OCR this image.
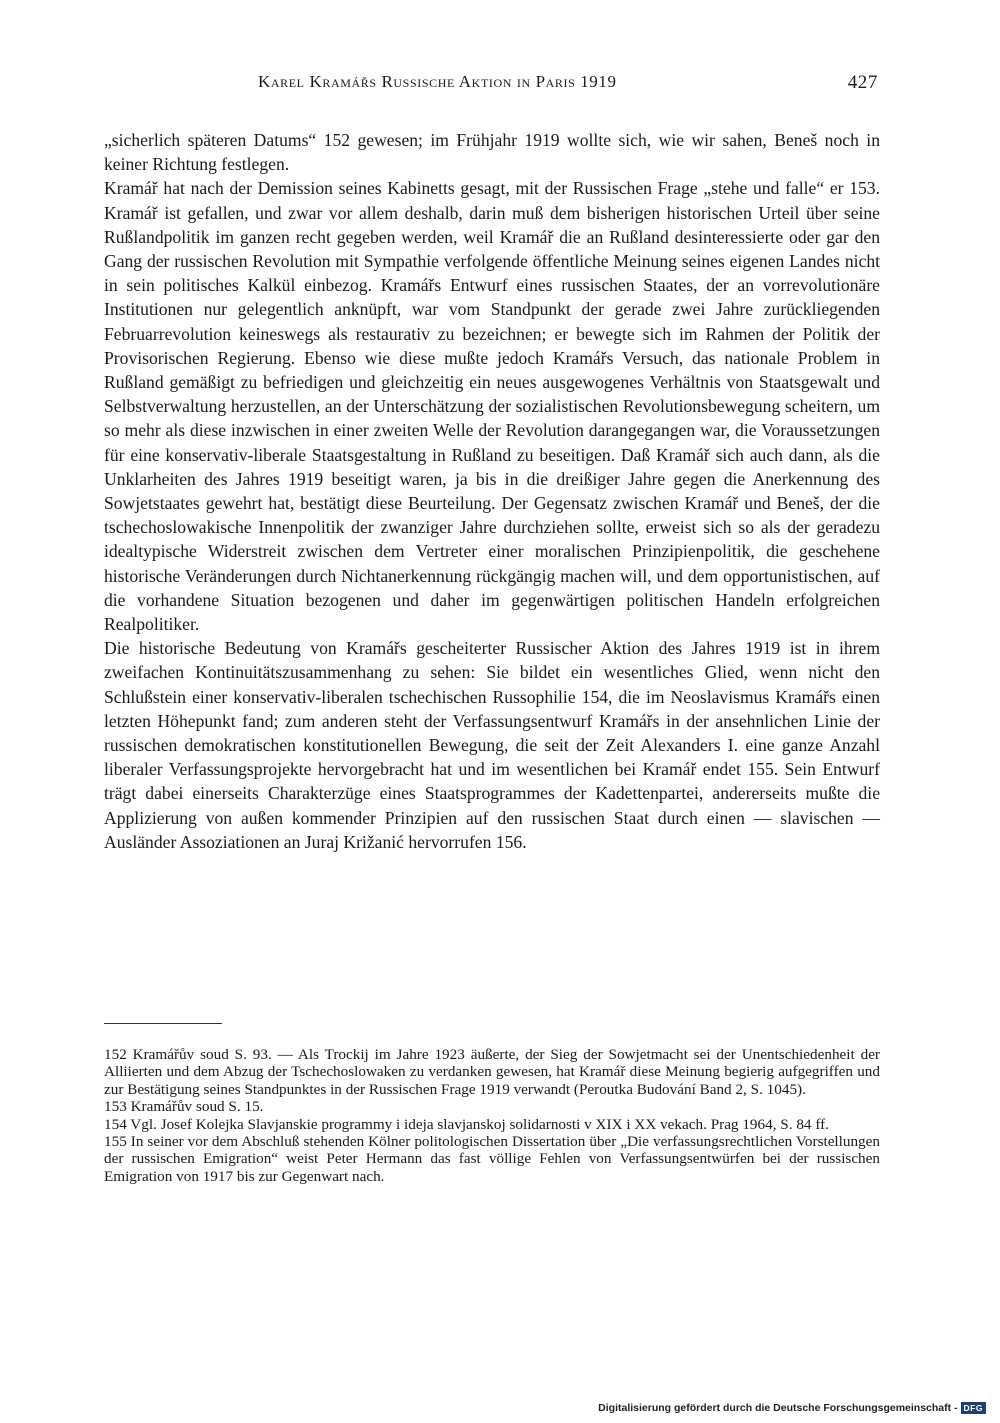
Karel Kramářs Russische Aktion in Paris 1919	427

„sicherlich späteren Datums“ 152 gewesen; im Frühjahr 1919 wollte sich, wie wir sahen, Beneš noch in keiner Richtung festlegen.

Kramář hat nach der Demission seines Kabinetts gesagt, mit der Russischen Frage „stehe und falle“ er 153. Kramář ist gefallen, und zwar vor allem deshalb, darin muß dem bisherigen historischen Urteil über seine Rußlandpolitik im ganzen recht gegeben werden, weil Kramář die an Rußland desinteressierte oder gar den Gang der russischen Revolution mit Sympathie verfolgende öffentliche Meinung seines eigenen Landes nicht in sein politisches Kalkül einbezog. Kramářs Entwurf eines russischen Staates, der an vorrevolutionäre Institutionen nur gelegentlich anknüpft, war vom Standpunkt der gerade zwei Jahre zurückliegenden Februarrevolution keineswegs als restaurativ zu bezeichnen; er bewegte sich im Rahmen der Politik der Provisorischen Regierung. Ebenso wie diese mußte jedoch Kramářs Versuch, das nationale Problem in Rußland gemäßigt zu befriedigen und gleichzeitig ein neues ausgewogenes Verhältnis von Staatsgewalt und Selbstverwaltung herzustellen, an der Unterschätzung der sozialistischen Revolutionsbewegung scheitern, um so mehr als diese inzwischen in einer zweiten Welle der Revolution darangegangen war, die Voraussetzungen für eine konservativ-liberale Staatsgestaltung in Rußland zu beseitigen. Daß Kramář sich auch dann, als die Unklarheiten des Jahres 1919 beseitigt waren, ja bis in die dreißiger Jahre gegen die Anerkennung des Sowjetstaates gewehrt hat, bestätigt diese Beurteilung. Der Gegensatz zwischen Kramář und Beneš, der die tschechoslowakische Innenpolitik der zwanziger Jahre durchziehen sollte, erweist sich so als der geradezu idealtypische Widerstreit zwischen dem Vertreter einer moralischen Prinzipienpolitik, die geschehene historische Veränderungen durch Nichtanerkennung rückgängig machen will, und dem opportunistischen, auf die vorhandene Situation bezogenen und daher im gegenwärtigen politischen Handeln erfolgreichen Realpolitiker.

Die historische Bedeutung von Kramářs gescheiterter Russischer Aktion des Jahres 1919 ist in ihrem zweifachen Kontinuitätszusammenhang zu sehen: Sie bildet ein wesentliches Glied, wenn nicht den Schlußstein einer konservativ-liberalen tschechischen Russophilie 154, die im Neoslavismus Kramářs einen letzten Höhepunkt fand; zum anderen steht der Verfassungsentwurf Kramářs in der ansehnlichen Linie der russischen demokratischen konstitutionellen Bewegung, die seit der Zeit Alexanders I. eine ganze Anzahl liberaler Verfassungsprojekte hervorgebracht hat und im wesentlichen bei Kramář endet 155. Sein Entwurf trägt dabei einerseits Charakterzüge eines Staatsprogrammes der Kadettenpartei, andererseits mußte die Applizierung von außen kommender Prinzipien auf den russischen Staat durch einen — slavischen — Ausländer Assoziationen an Juraj Križanić hervorrufen 156.

152 Kramářův soud S. 93. — Als Trockij im Jahre 1923 äußerte, der Sieg der Sowjetmacht sei der Unentschiedenheit der Alliierten und dem Abzug der Tschechoslowaken zu verdanken gewesen, hat Kramář diese Meinung begierig aufgegriffen und zur Bestätigung seines Standpunktes in der Russischen Frage 1919 verwandt (Peroutka Budování Band 2, S. 1045).

153 Kramářův soud S. 15.

154 Vgl. Josef Kolejka Slavjanskie programmy i ideja slavjanskoj solidarnosti v XIX i XX vekach. Prag 1964, S. 84 ff.

155 In seiner vor dem Abschluß stehenden Kölner politologischen Dissertation über „Die verfassungsrechtlichen Vorstellungen der russischen Emigration“ weist Peter Hermann das fast völlige Fehlen von Verfassungsentwürfen bei der russischen Emigration von 1917 bis zur Gegenwart nach.

Digitalisierung gefördert durch die Deutsche Forschungsgemeinschaft - DFG
